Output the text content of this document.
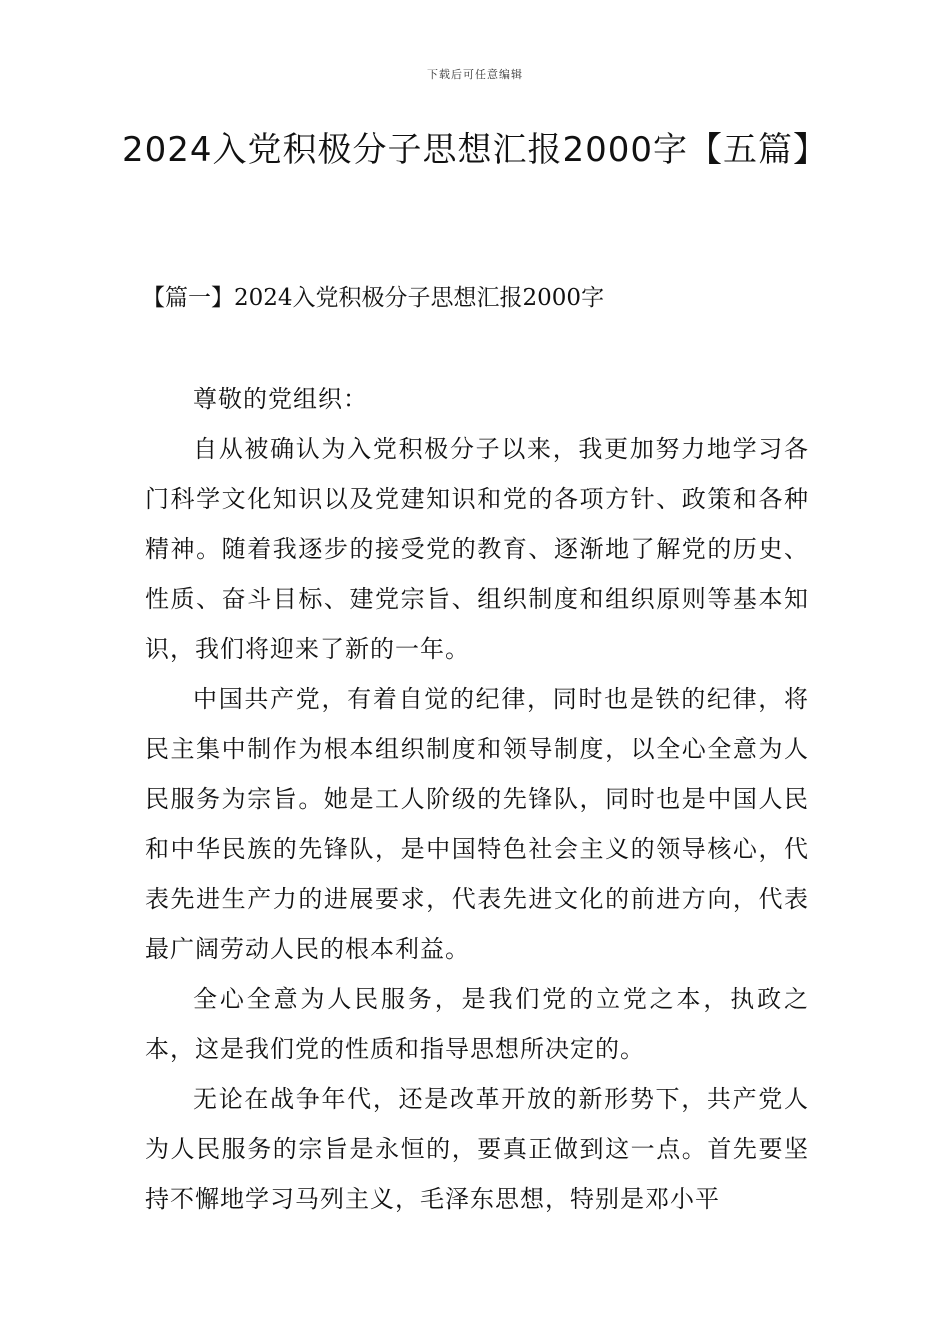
下载后可任意编辑
2024入党积极分子思想汇报2000字【五篇】
【篇一】2024入党积极分子思想汇报2000字

尊敬的党组织：

自从被确认为入党积极分子以来，我更加努力地学习各门科学文化知识以及党建知识和党的各项方针、政策和各种精神。随着我逐步的接受党的教育、逐渐地了解党的历史、性质、奋斗目标、建党宗旨、组织制度和组织原则等基本知识，我们将迎来了新的一年。

中国共产党，有着自觉的纪律，同时也是铁的纪律，将民主集中制作为根本组织制度和领导制度，以全心全意为人民服务为宗旨。她是工人阶级的先锋队，同时也是中国人民和中华民族的先锋队，是中国特色社会主义的领导核心，代表先进生产力的进展要求，代表先进文化的前进方向，代表最广阔劳动人民的根本利益。

全心全意为人民服务，是我们党的立党之本，执政之本，这是我们党的性质和指导思想所决定的。

无论在战争年代，还是改革开放的新形势下，共产党人为人民服务的宗旨是永恒的，要真正做到这一点。首先要坚持不懈地学习马列主义，毛泽东思想，特别是邓小平
